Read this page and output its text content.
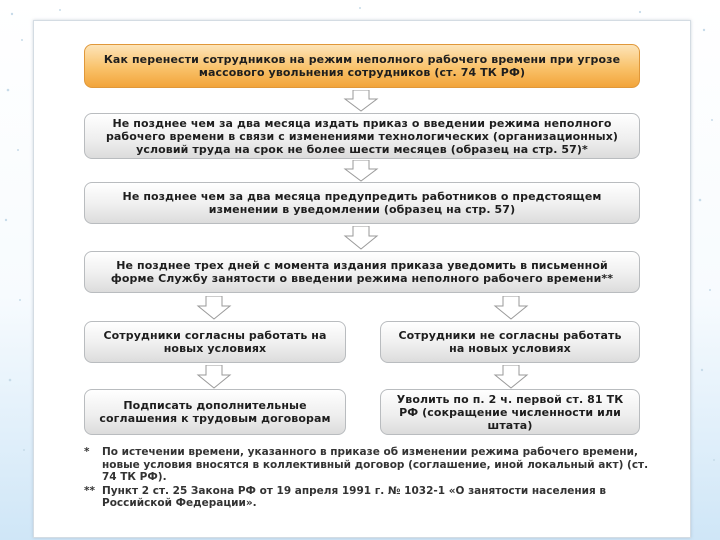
Как перенести сотрудников на режим неполного рабочего времени при угрозе массового увольнения сотрудников (ст. 74 ТК РФ)
Не позднее чем за два месяца издать приказ о введении режима неполного рабочего времени в связи с изменениями технологических (организационных) условий труда на срок не более шести месяцев (образец на стр. 57)*
Не позднее чем за два месяца предупредить работников о предстоящем изменении в уведомлении (образец на стр. 57)
Не позднее трех дней с момента издания приказа уведомить в письменной форме Службу занятости о введении режима неполного рабочего времени**
Сотрудники согласны работать на новых условиях
Сотрудники не согласны работать на новых условиях
Подписать дополнительные соглашения к трудовым договорам
Уволить по п. 2 ч. первой ст. 81 ТК РФ (сокращение численности или штата)
*	По истечении времени, указанного в приказе об изменении режима рабочего времени, новые условия вносятся в коллективный договор (соглашение, иной локальный акт) (ст. 74 ТК РФ).
** Пункт 2 ст. 25 Закона РФ от 19 апреля 1991 г. № 1032-1 «О занятости населения в Российской Федерации».
